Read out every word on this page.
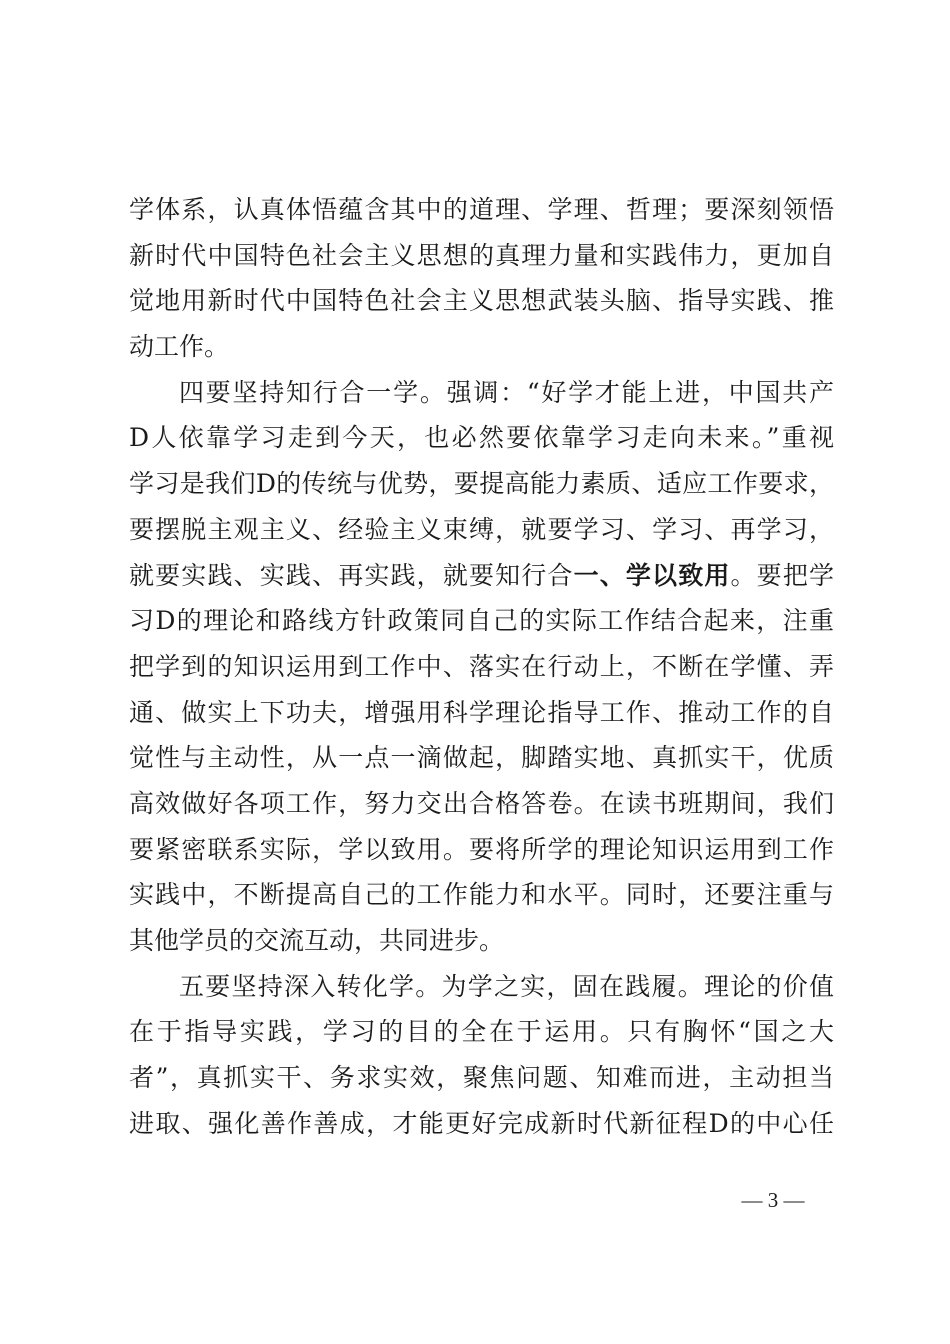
学体系，认真体悟蕴含其中的道理、学理、哲理；要深刻领悟
新时代中国特色社会主义思想的真理力量和实践伟力，更加自
觉地用新时代中国特色社会主义思想武装头脑、指导实践、推
动工作。
四要坚持知行合一学。强调：“好学才能上进，中国共产
D人依靠学习走到今天，也必然要依靠学习走向未来。”重视
学习是我们D的传统与优势，要提高能力素质、适应工作要求，
要摆脱主观主义、经验主义束缚，就要学习、学习、再学习，
就要实践、实践、再实践，就要知行合一、学以致用。要把学
习D的理论和路线方针政策同自己的实际工作结合起来，注重
把学到的知识运用到工作中、落实在行动上，不断在学懂、弄
通、做实上下功夫，增强用科学理论指导工作、推动工作的自
觉性与主动性，从一点一滴做起，脚踏实地、真抓实干，优质
高效做好各项工作，努力交出合格答卷。在读书班期间，我们
要紧密联系实际，学以致用。要将所学的理论知识运用到工作
实践中，不断提高自己的工作能力和水平。同时，还要注重与
其他学员的交流互动，共同进步。
五要坚持深入转化学。为学之实，固在践履。理论的价值
在于指导实践，学习的目的全在于运用。只有胸怀“国之大
者”，真抓实干、务求实效，聚焦问题、知难而进，主动担当
进取、强化善作善成，才能更好完成新时代新征程D的中心任
— 3 —
